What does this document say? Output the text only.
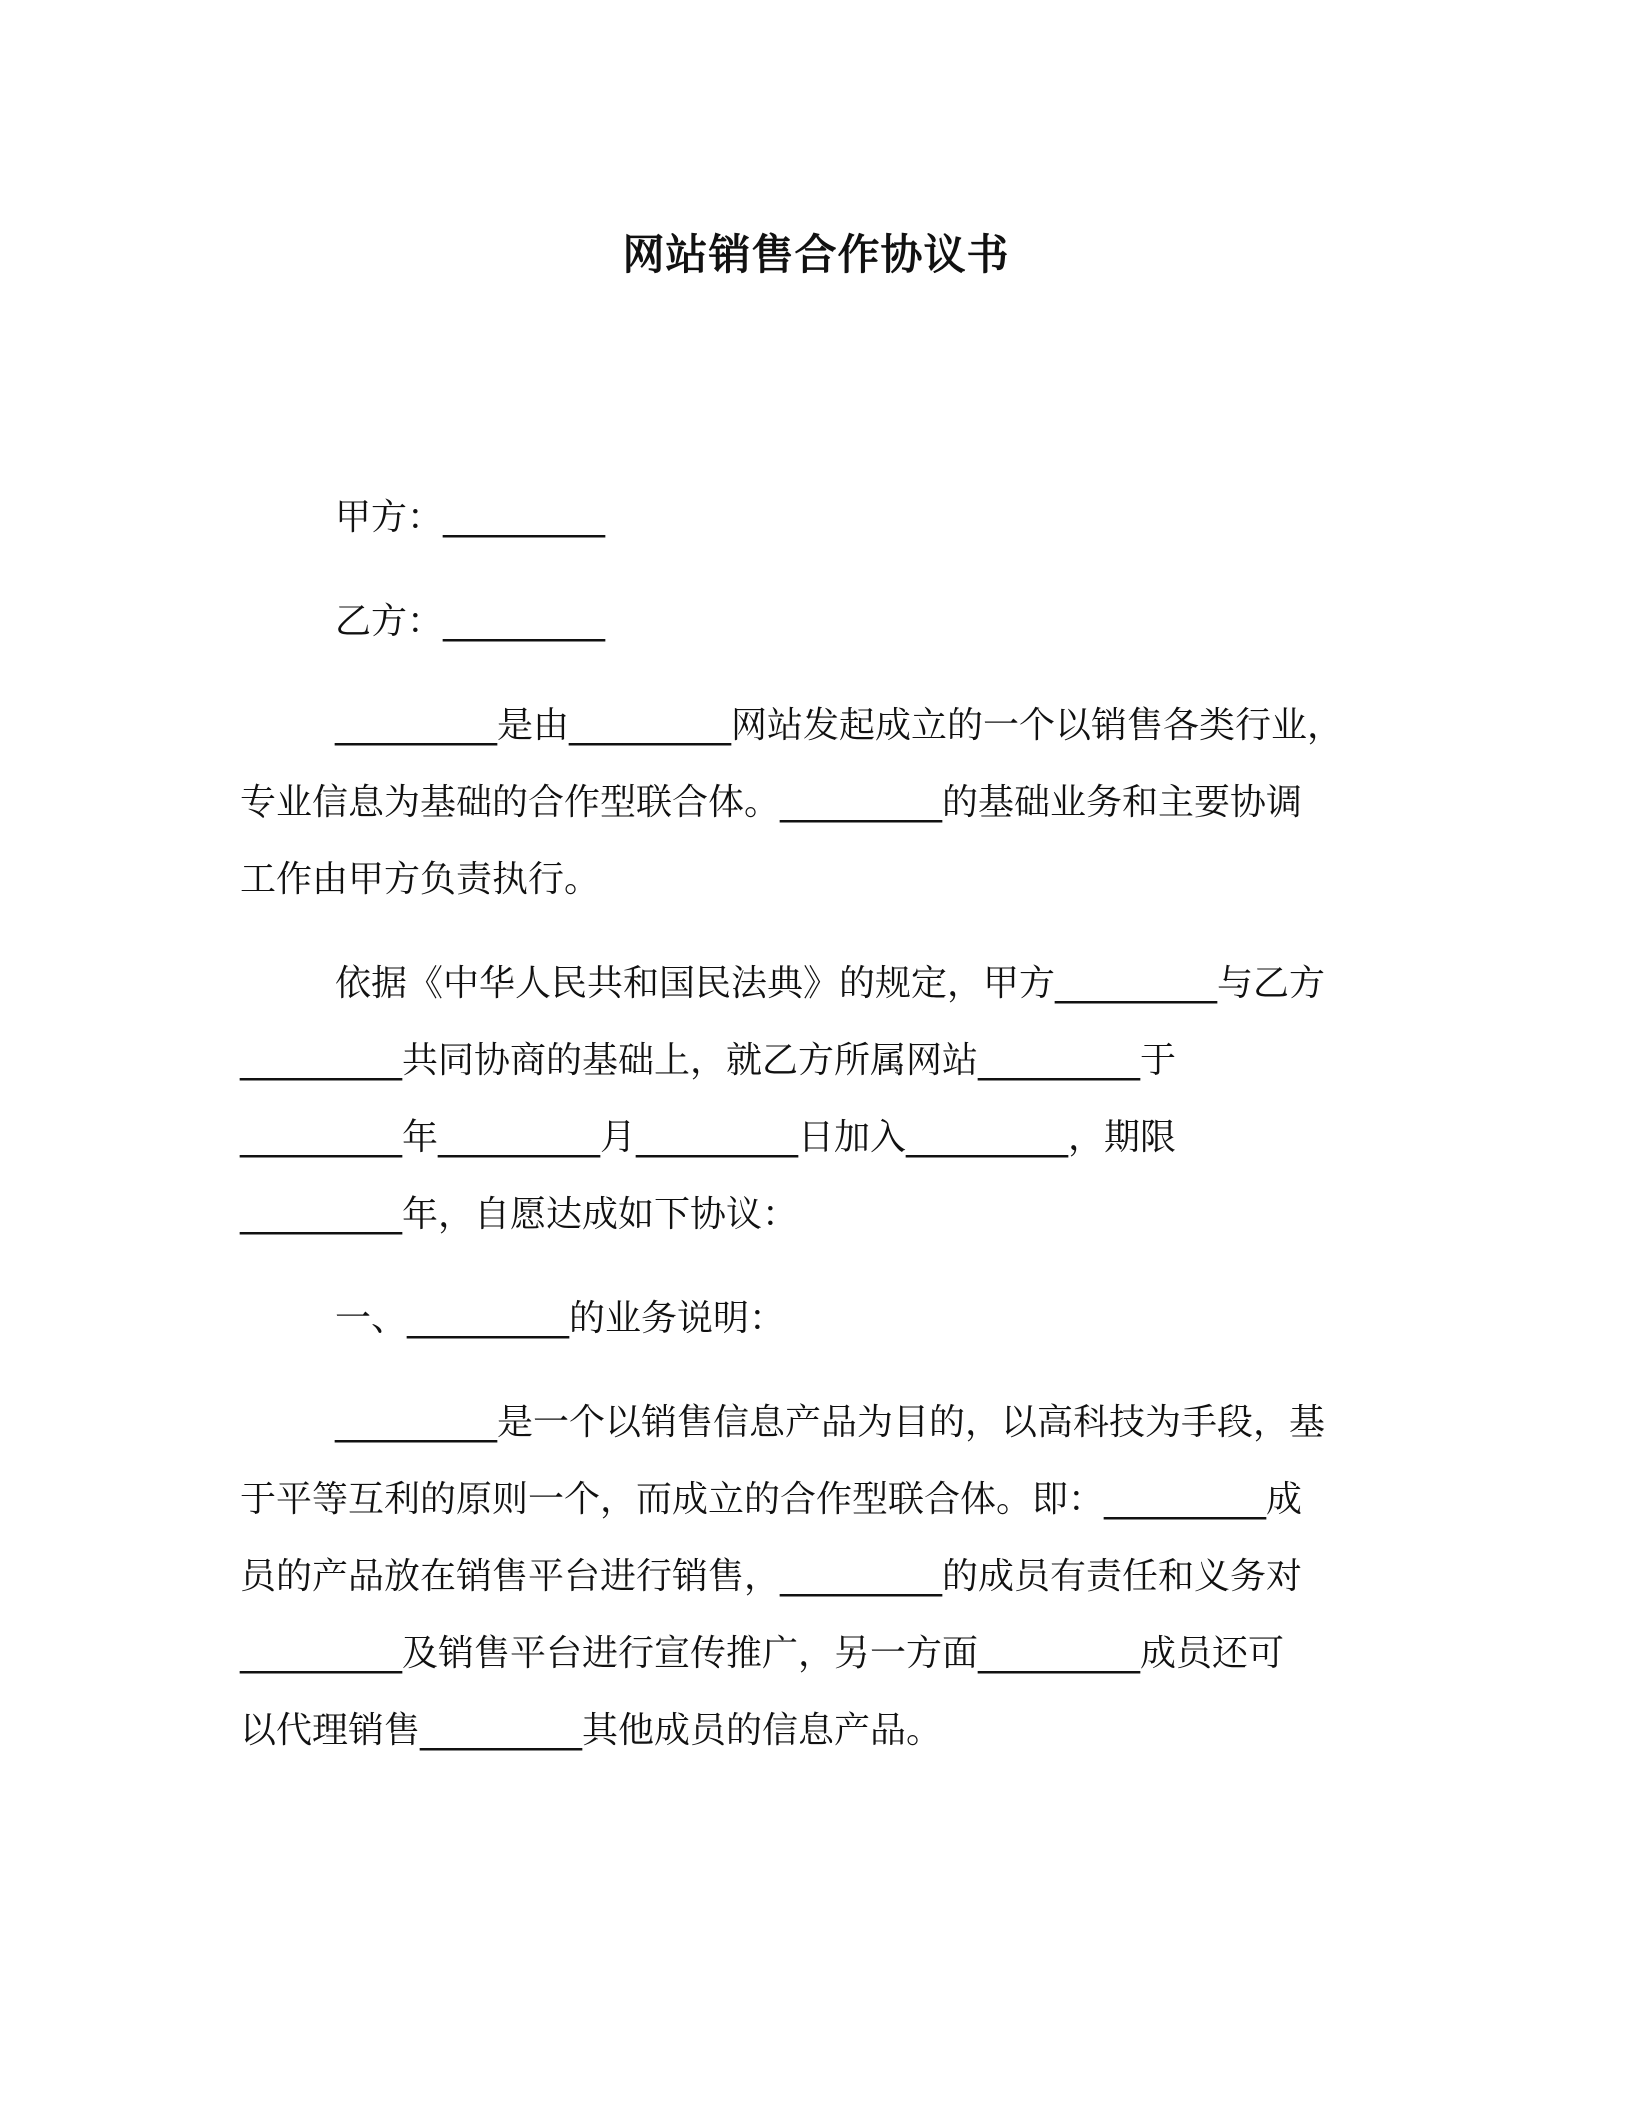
网站销售合作协议书

甲方：_________

乙方：_________

_________是由_________网站发起成立的一个以销售各类行业，

专业信息为基础的合作型联合体。_________的基础业务和主要协调

工作由甲方负责执行。

依据《中华人民共和国民法典》的规定，甲方_________与乙方

_________共同协商的基础上，就乙方所属网站_________于

_________年_________月_________日加入_________，期限

_________年，自愿达成如下协议：

一、_________的业务说明：

_________是一个以销售信息产品为目的，以高科技为手段，基

于平等互利的原则一个，而成立的合作型联合体。即：_________成

员的产品放在销售平台进行销售，_________的成员有责任和义务对

_________及销售平台进行宣传推广，另一方面_________成员还可

以代理销售_________其他成员的信息产品。
